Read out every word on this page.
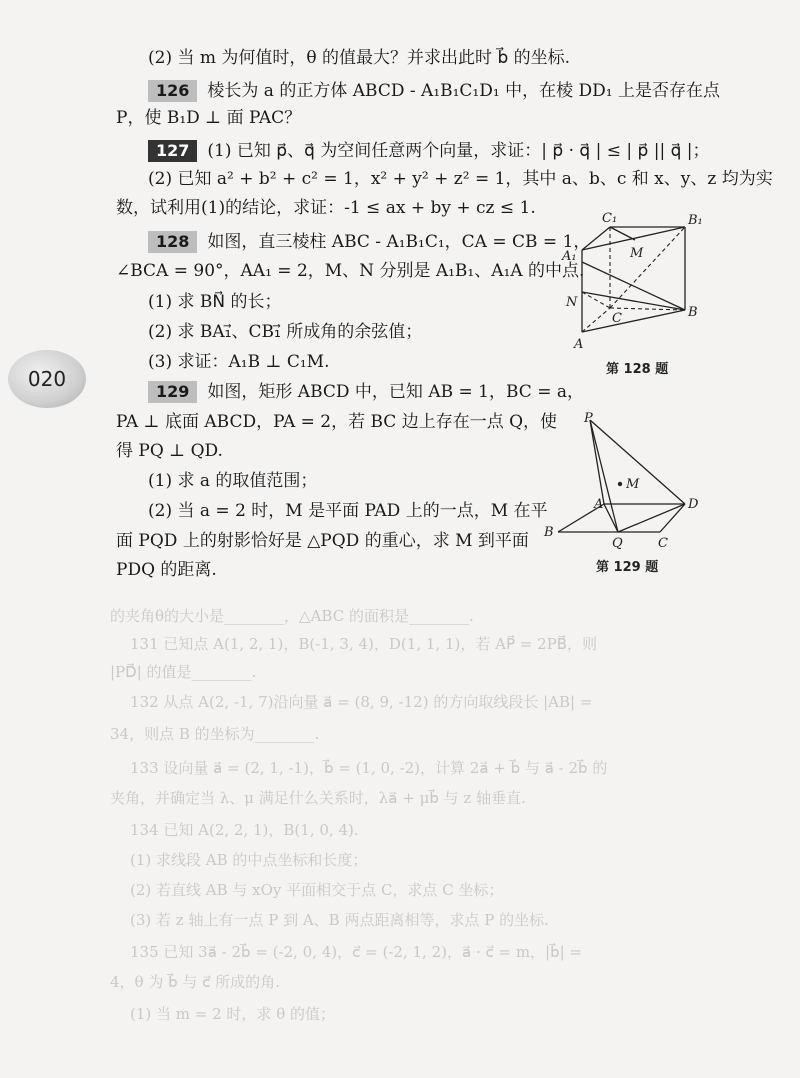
的夹角θ的大小是________，△ABC 的面积是________.
131 已知点 A(1, 2, 1)，B(-1, 3, 4)，D(1, 1, 1)，若 AP⃗ = 2PB⃗，则
|PD⃗| 的值是________.
132 从点 A(2, -1, 7)沿向量 a⃗ = (8, 9, -12) 的方向取线段长 |AB| =
34，则点 B 的坐标为________.
133 设向量 a⃗ = (2, 1, -1)，b⃗ = (1, 0, -2)，计算 2a⃗ + b⃗ 与 a⃗ - 2b⃗ 的
夹角，并确定当 λ、μ 满足什么关系时，λa⃗ + μb⃗ 与 z 轴垂直.
134 已知 A(2, 2, 1)，B(1, 0, 4).
(1) 求线段 AB 的中点坐标和长度；
(2) 若直线 AB 与 xOy 平面相交于点 C，求点 C 坐标；
(3) 若 z 轴上有一点 P 到 A、B 两点距离相等，求点 P 的坐标.
135 已知 3a⃗ - 2b⃗ = (-2, 0, 4)，c⃗ = (-2, 1, 2)，a⃗ · c⃗ = m，|b⃗| =
4，θ 为 b⃗ 与 c⃗ 所成的角.
(1) 当 m = 2 时，求 θ 的值；
020
(2) 当 m 为何值时，θ 的值最大？并求出此时 b⃗ 的坐标.
126 棱长为 a 的正方体 ABCD - A₁B₁C₁D₁ 中，在棱 DD₁ 上是否存在点
P，使 B₁D ⊥ 面 PAC？
127 (1) 已知 p⃗、q⃗ 为空间任意两个向量，求证：| p⃗ · q⃗ | ≤ | p⃗ || q⃗ |；
(2) 已知 a² + b² + c² = 1，x² + y² + z² = 1，其中 a、b、c 和 x、y、z 均为实
数，试利用(1)的结论，求证：-1 ≤ ax + by + cz ≤ 1.
128 如图，直三棱柱 ABC - A₁B₁C₁，CA = CB = 1，
∠BCA = 90°，AA₁ = 2，M、N 分别是 A₁B₁、A₁A 的中点.
(1) 求 BN⃗ 的长；
(2) 求 BA₁⃗、CB₁⃗ 所成角的余弦值；
(3) 求证：A₁B ⊥ C₁M.
129 如图，矩形 ABCD 中，已知 AB = 1，BC = a，
PA ⊥ 底面 ABCD，PA = 2，若 BC 边上存在一点 Q，使
得 PQ ⊥ QD.
(1) 求 a 的取值范围；
(2) 当 a = 2 时，M 是平面 PAD 上的一点，M 在平
面 PQD 上的射影恰好是 △PQD 的重心，求 M 到平面
PDQ 的距离.
C₁	B₁
A₁	M
N
C	B
A
第 128 题
P
A
M
D
B
Q	C
第 129 题
